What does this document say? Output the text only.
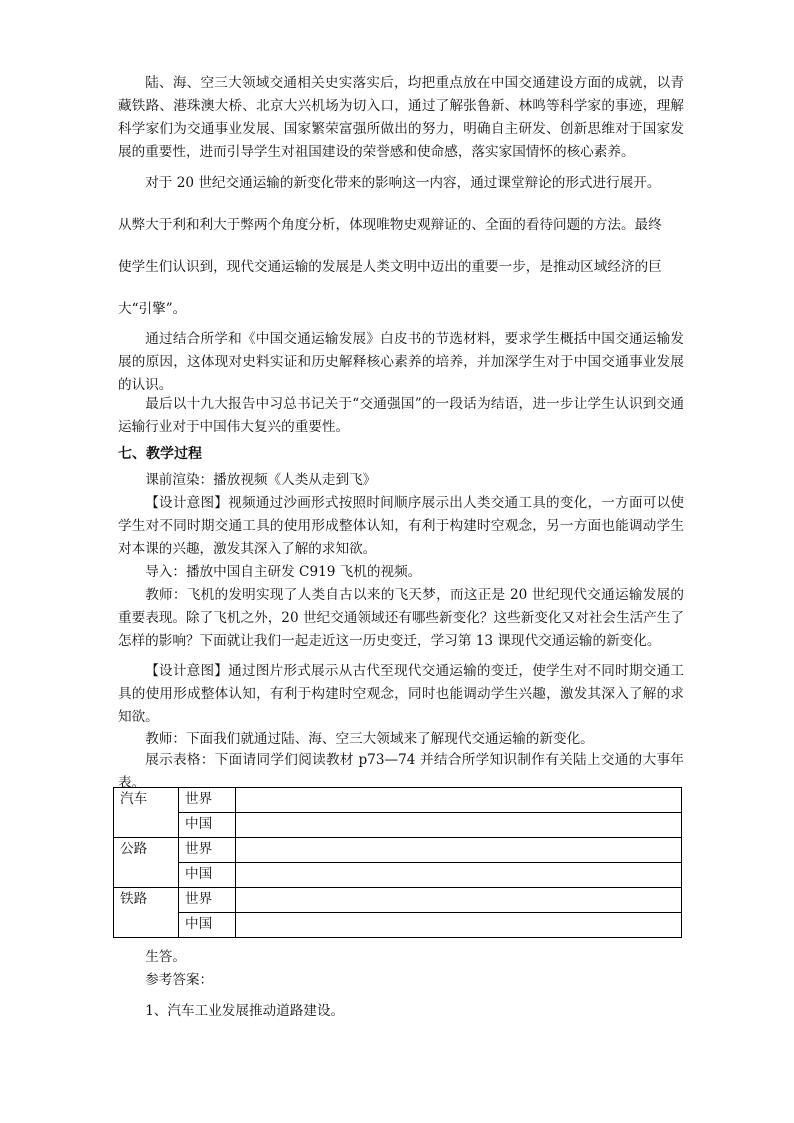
陆、海、空三大领域交通相关史实落实后，均把重点放在中国交通建设方面的成就，以青藏铁路、港珠澳大桥、北京大兴机场为切入口，通过了解张鲁新、林鸣等科学家的事迹，理解科学家们为交通事业发展、国家繁荣富强所做出的努力，明确自主研发、创新思维对于国家发展的重要性，进而引导学生对祖国建设的荣誉感和使命感，落实家国情怀的核心素养。

对于 20 世纪交通运输的新变化带来的影响这一内容，通过课堂辩论的形式进行展开。

从弊大于利和利大于弊两个角度分析，体现唯物史观辩证的、全面的看待问题的方法。最终

使学生们认识到，现代交通运输的发展是人类文明中迈出的重要一步，是推动区域经济的巨

大“引擎”。

通过结合所学和《中国交通运输发展》白皮书的节选材料，要求学生概括中国交通运输发展的原因，这体现对史料实证和历史解释核心素养的培养，并加深学生对于中国交通事业发展的认识。

最后以十九大报告中习总书记关于“交通强国”的一段话为结语，进一步让学生认识到交通运输行业对于中国伟大复兴的重要性。

七、教学过程

课前渲染：播放视频《人类从走到飞》

【设计意图】视频通过沙画形式按照时间顺序展示出人类交通工具的变化，一方面可以使学生对不同时期交通工具的使用形成整体认知，有利于构建时空观念，另一方面也能调动学生对本课的兴趣，激发其深入了解的求知欲。

导入：播放中国自主研发 C919 飞机的视频。

教师：飞机的发明实现了人类自古以来的飞天梦，而这正是 20 世纪现代交通运输发展的重要表现。除了飞机之外，20 世纪交通领域还有哪些新变化？这些新变化又对社会生活产生了怎样的影响？下面就让我们一起走近这一历史变迁，学习第 13 课现代交通运输的新变化。

【设计意图】通过图片形式展示从古代至现代交通运输的变迁，使学生对不同时期交通工具的使用形成整体认知，有利于构建时空观念，同时也能调动学生兴趣，激发其深入了解的求知欲。

教师：下面我们就通过陆、海、空三大领域来了解现代交通运输的新变化。

展示表格：下面请同学们阅读教材 p73—74 并结合所学知识制作有关陆上交通的大事年表。

汽车	世界	
	中国	
公路	世界	
	中国	
铁路	世界	
	中国	

生答。

参考答案：

1、汽车工业发展推动道路建设。
